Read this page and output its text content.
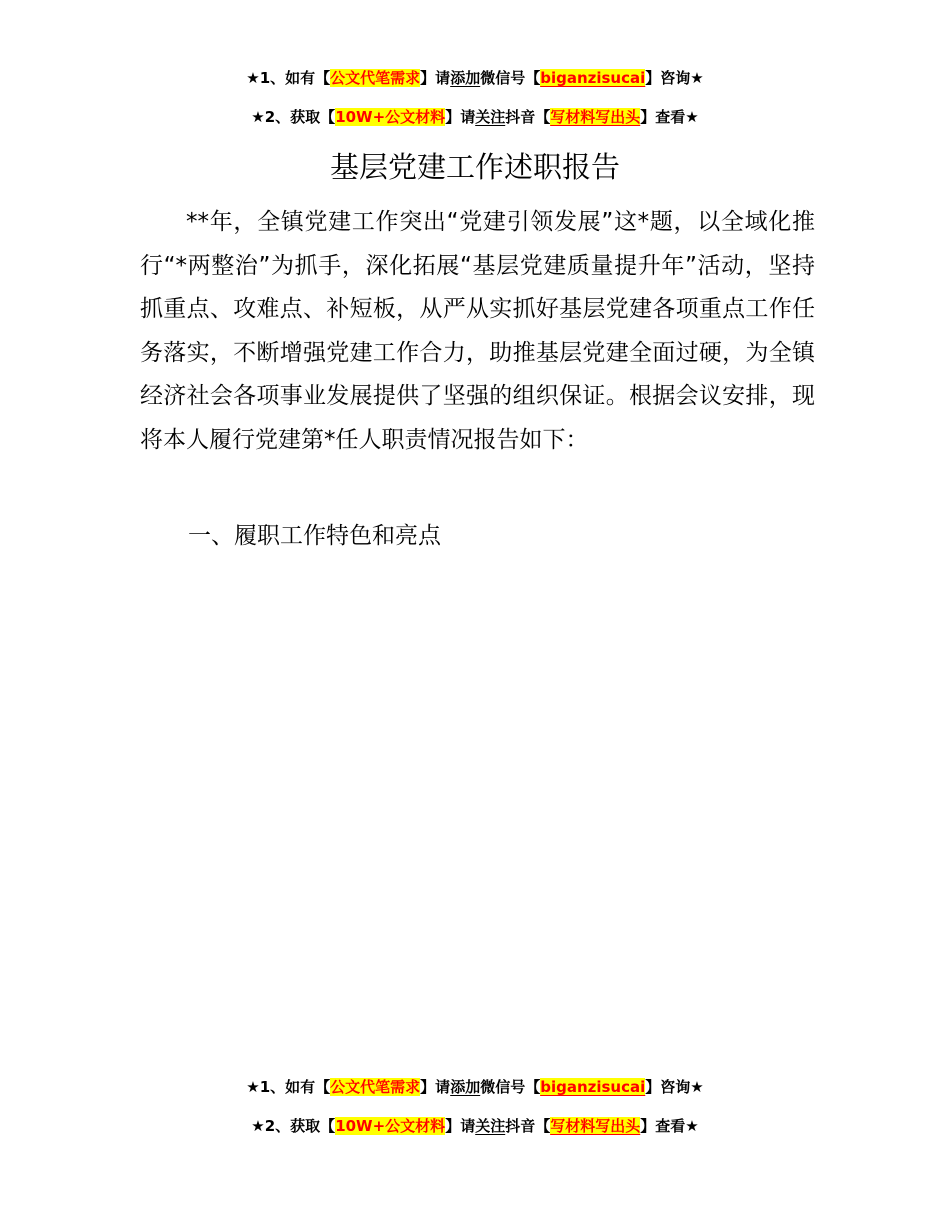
★1、如有【公文代笔需求】请添加微信号【biganzisucai】咨询★
★2、获取【10W+公文材料】请关注抖音【写材料写出头】查看★
基层党建工作述职报告

**年，全镇党建工作突出“党建引领发展”这*题，以全域化推行“*两整治”为抓手，深化拓展“基层党建质量提升年”活动，坚持抓重点、攻难点、补短板，从严从实抓好基层党建各项重点工作任务落实，不断增强党建工作合力，助推基层党建全面过硬，为全镇经济社会各项事业发展提供了坚强的组织保证。根据会议安排，现将本人履行党建第*任人职责情况报告如下：

一、履职工作特色和亮点

★1、如有【公文代笔需求】请添加微信号【biganzisucai】咨询★
★2、获取【10W+公文材料】请关注抖音【写材料写出头】查看★
